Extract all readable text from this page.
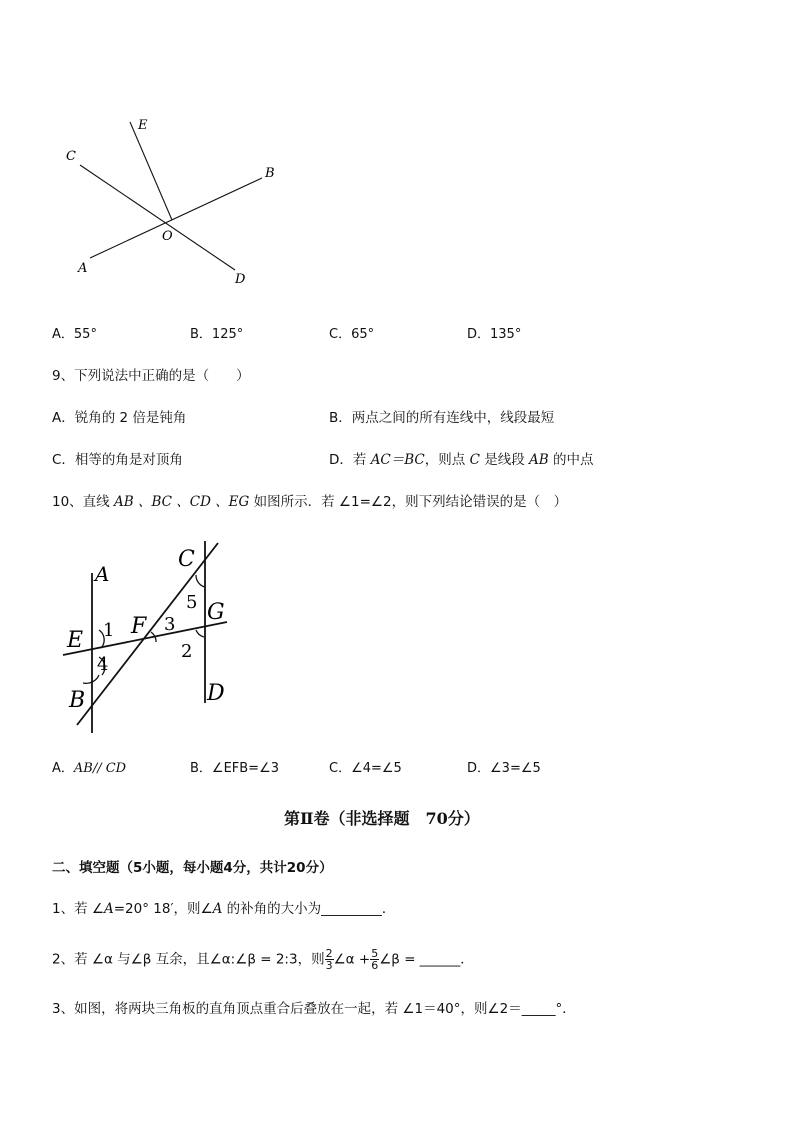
E
C
B
O
A
D
A．55°	B．125°	C．65°	D．135°
9、下列说法中正确的是（　　）
A．锐角的 2 倍是钝角	B．两点之间的所有连线中，线段最短
C．相等的角是对顶角	D．若 AC＝BC，则点 C 是线段 AB 的中点
10、直线 AB 、BC 、CD 、EG 如图所示．若 ∠1=∠2，则下列结论错误的是（　）
A
C
G
E
F
B	D
1
2
3
4
5
A．AB// CD	B．∠EFB=∠3	C．∠4=∠5	D．∠3=∠5
第Ⅱ卷（非选择题　70分）
二、填空题（5小题，每小题4分，共计20分）
1、若 ∠A=20° 18′，则∠A 的补角的大小为_________．
2、若 ∠α 与∠β 互余，且∠α:∠β = 2:3，则 $\frac{2}{3}$ ∠α + $\frac{5}{6}$ ∠β = ______．
3、如图，将两块三角板的直角顶点重合后叠放在一起，若 ∠1＝40°，则∠2＝_____°．
